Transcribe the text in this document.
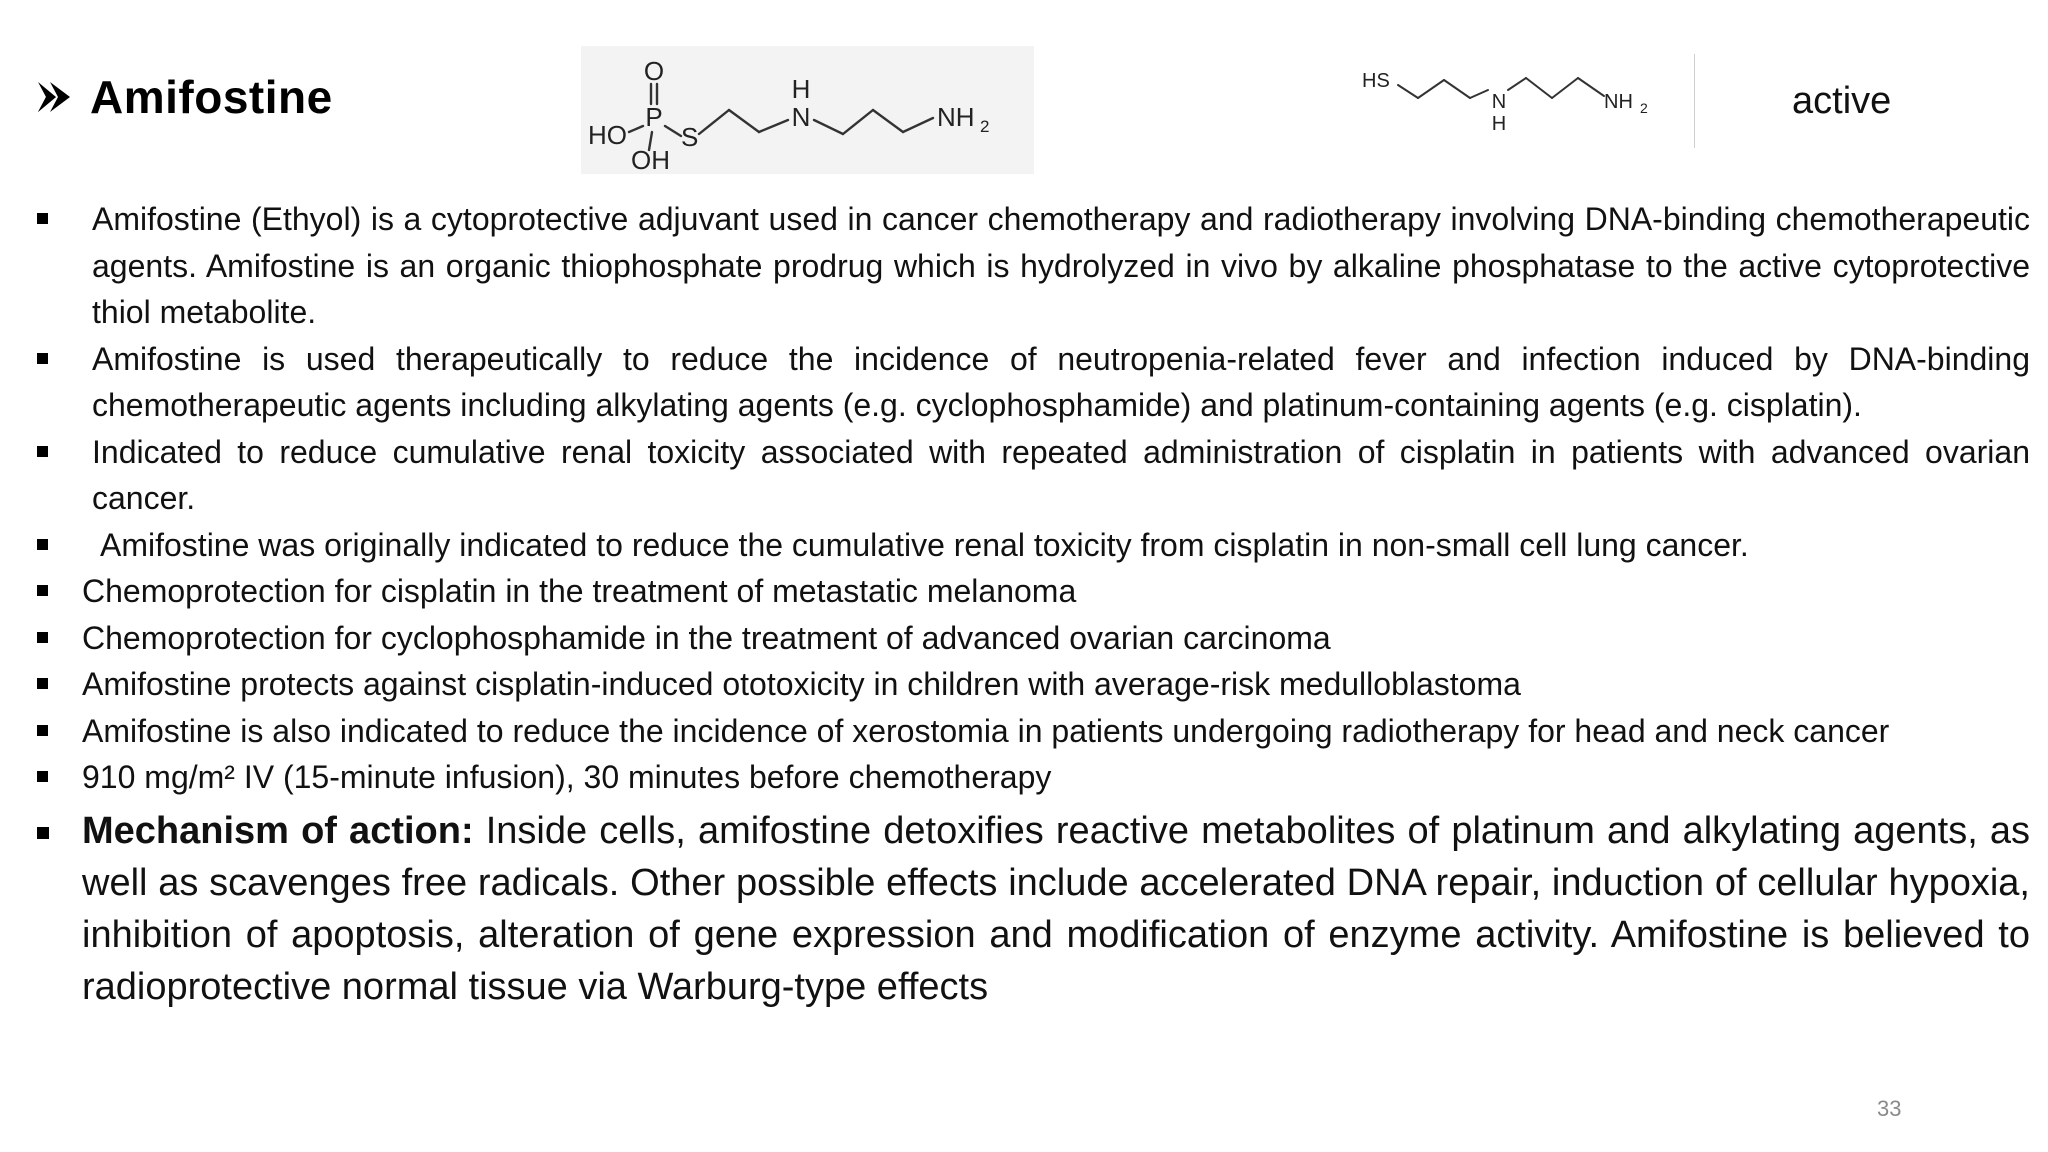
Amifostine	O
P
HO
OH
S
H
N	NH 2
HS
N
H
NH 2	active
Amifostine (Ethyol) is a cytoprotective adjuvant used in cancer chemotherapy and radiotherapy involving DNA-binding chemotherapeutic agents. Amifostine is an organic thiophosphate prodrug which is hydrolyzed in vivo by alkaline phosphatase to the active cytoprotective thiol metabolite.
Amifostine is used therapeutically to reduce the incidence of neutropenia-related fever and infection induced by DNA-binding chemotherapeutic agents including alkylating agents (e.g. cyclophosphamide) and platinum-containing agents (e.g. cisplatin).
Indicated to reduce cumulative renal toxicity associated with repeated administration of cisplatin in patients with advanced ovarian cancer.
Amifostine was originally indicated to reduce the cumulative renal toxicity from cisplatin in non-small cell lung cancer.
Chemoprotection for cisplatin in the treatment of metastatic melanoma
Chemoprotection for cyclophosphamide in the treatment of advanced ovarian carcinoma
Amifostine protects against cisplatin-induced ototoxicity in children with average-risk medulloblastoma
Amifostine is also indicated to reduce the incidence of xerostomia in patients undergoing radiotherapy for head and neck cancer
910 mg/m² IV (15-minute infusion), 30 minutes before chemotherapy
Mechanism of action: Inside cells, amifostine detoxifies reactive metabolites of platinum and alkylating agents, as well as scavenges free radicals. Other possible effects include accelerated DNA repair, induction of cellular hypoxia, inhibition of apoptosis, alteration of gene expression and modification of enzyme activity. Amifostine is believed to radioprotective normal tissue via Warburg-type effects
33
